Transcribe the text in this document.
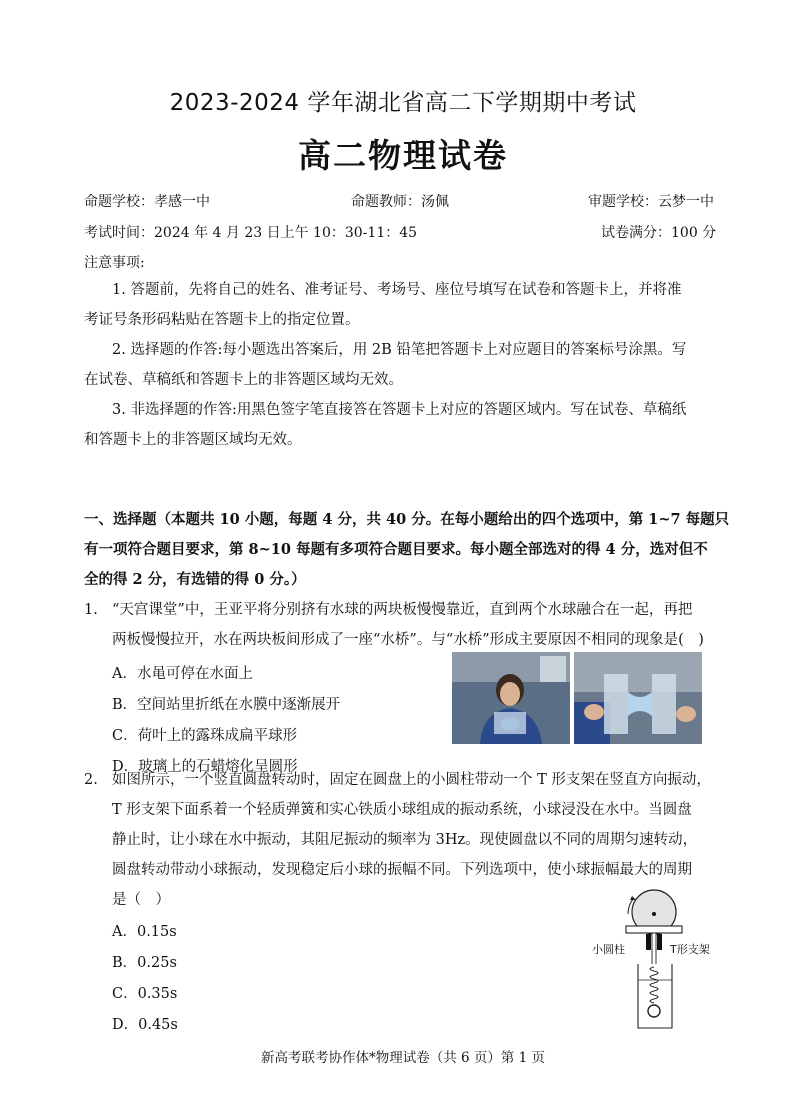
2023-2024 学年湖北省高二下学期期中考试
高二物理试卷
命题学校：孝感一中	命题教师：汤佩	审题学校：云梦一中
考试时间：2024 年 4 月 23 日上午 10：30-11：45	试卷满分：100 分
注意事项:
1. 答题前，先将自己的姓名、准考证号、考场号、座位号填写在试卷和答题卡上，并将准
考证号条形码粘贴在答题卡上的指定位置。
2. 选择题的作答:每小题选出答案后，用 2B 铅笔把答题卡上对应题目的答案标号涂黑。写
在试卷、草稿纸和答题卡上的非答题区域均无效。
3. 非选择题的作答:用黑色签字笔直接答在答题卡上对应的答题区域内。写在试卷、草稿纸
和答题卡上的非答题区域均无效。
一、选择题（本题共 10 小题，每题 4 分，共 40 分。在每小题给出的四个选项中，第 1~7 每题只
有一项符合题目要求，第 8~10 每题有多项符合题目要求。每小题全部选对的得 4 分，选对但不
全的得 2 分，有选错的得 0 分。）
1. “天宫课堂”中，王亚平将分别挤有水球的两块板慢慢靠近，直到两个水球融合在一起，再把
两板慢慢拉开，水在两块板间形成了一座“水桥”。与“水桥”形成主要原因不相同的现象是(　)
A．水黾可停在水面上
B．空间站里折纸在水膜中逐渐展开
C．荷叶上的露珠成扁平球形
D．玻璃上的石蜡熔化呈圆形
2. 如图所示，一个竖直圆盘转动时，固定在圆盘上的小圆柱带动一个 T 形支架在竖直方向振动，
T 形支架下面系着一个轻质弹簧和实心铁质小球组成的振动系统，小球浸没在水中。当圆盘
静止时，让小球在水中振动，其阻尼振动的频率为 3Hz。现使圆盘以不同的周期匀速转动，
圆盘转动带动小球振动，发现稳定后小球的振幅不同。下列选项中，使小球振幅最大的周期
是（　）
A．0.15s
B．0.25s
C．0.35s
D．0.45s
小圆柱	T形支架
新高考联考协作体*物理试卷（共 6 页）第 1 页
